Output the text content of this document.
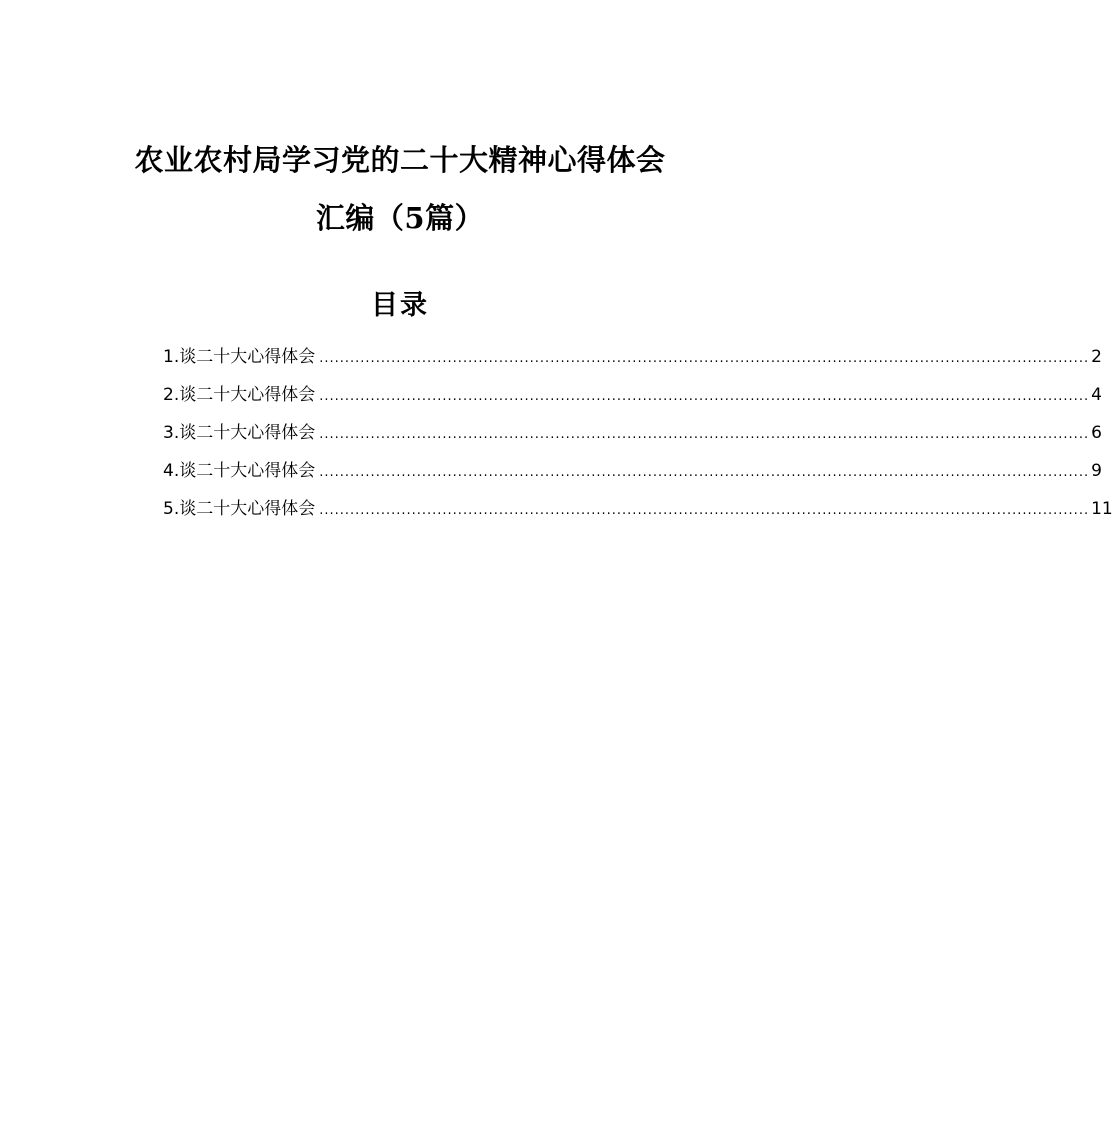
农业农村局学习党的二十大精神心得体会
汇编（5篇）
目录
1.谈二十大心得体会 ...................................................................................................................................................... 2
2.谈二十大心得体会 ...................................................................................................................................................... 4
3.谈二十大心得体会 ...................................................................................................................................................... 6
4.谈二十大心得体会 ...................................................................................................................................................... 9
5.谈二十大心得体会 ...................................................................................................................................................... 11
